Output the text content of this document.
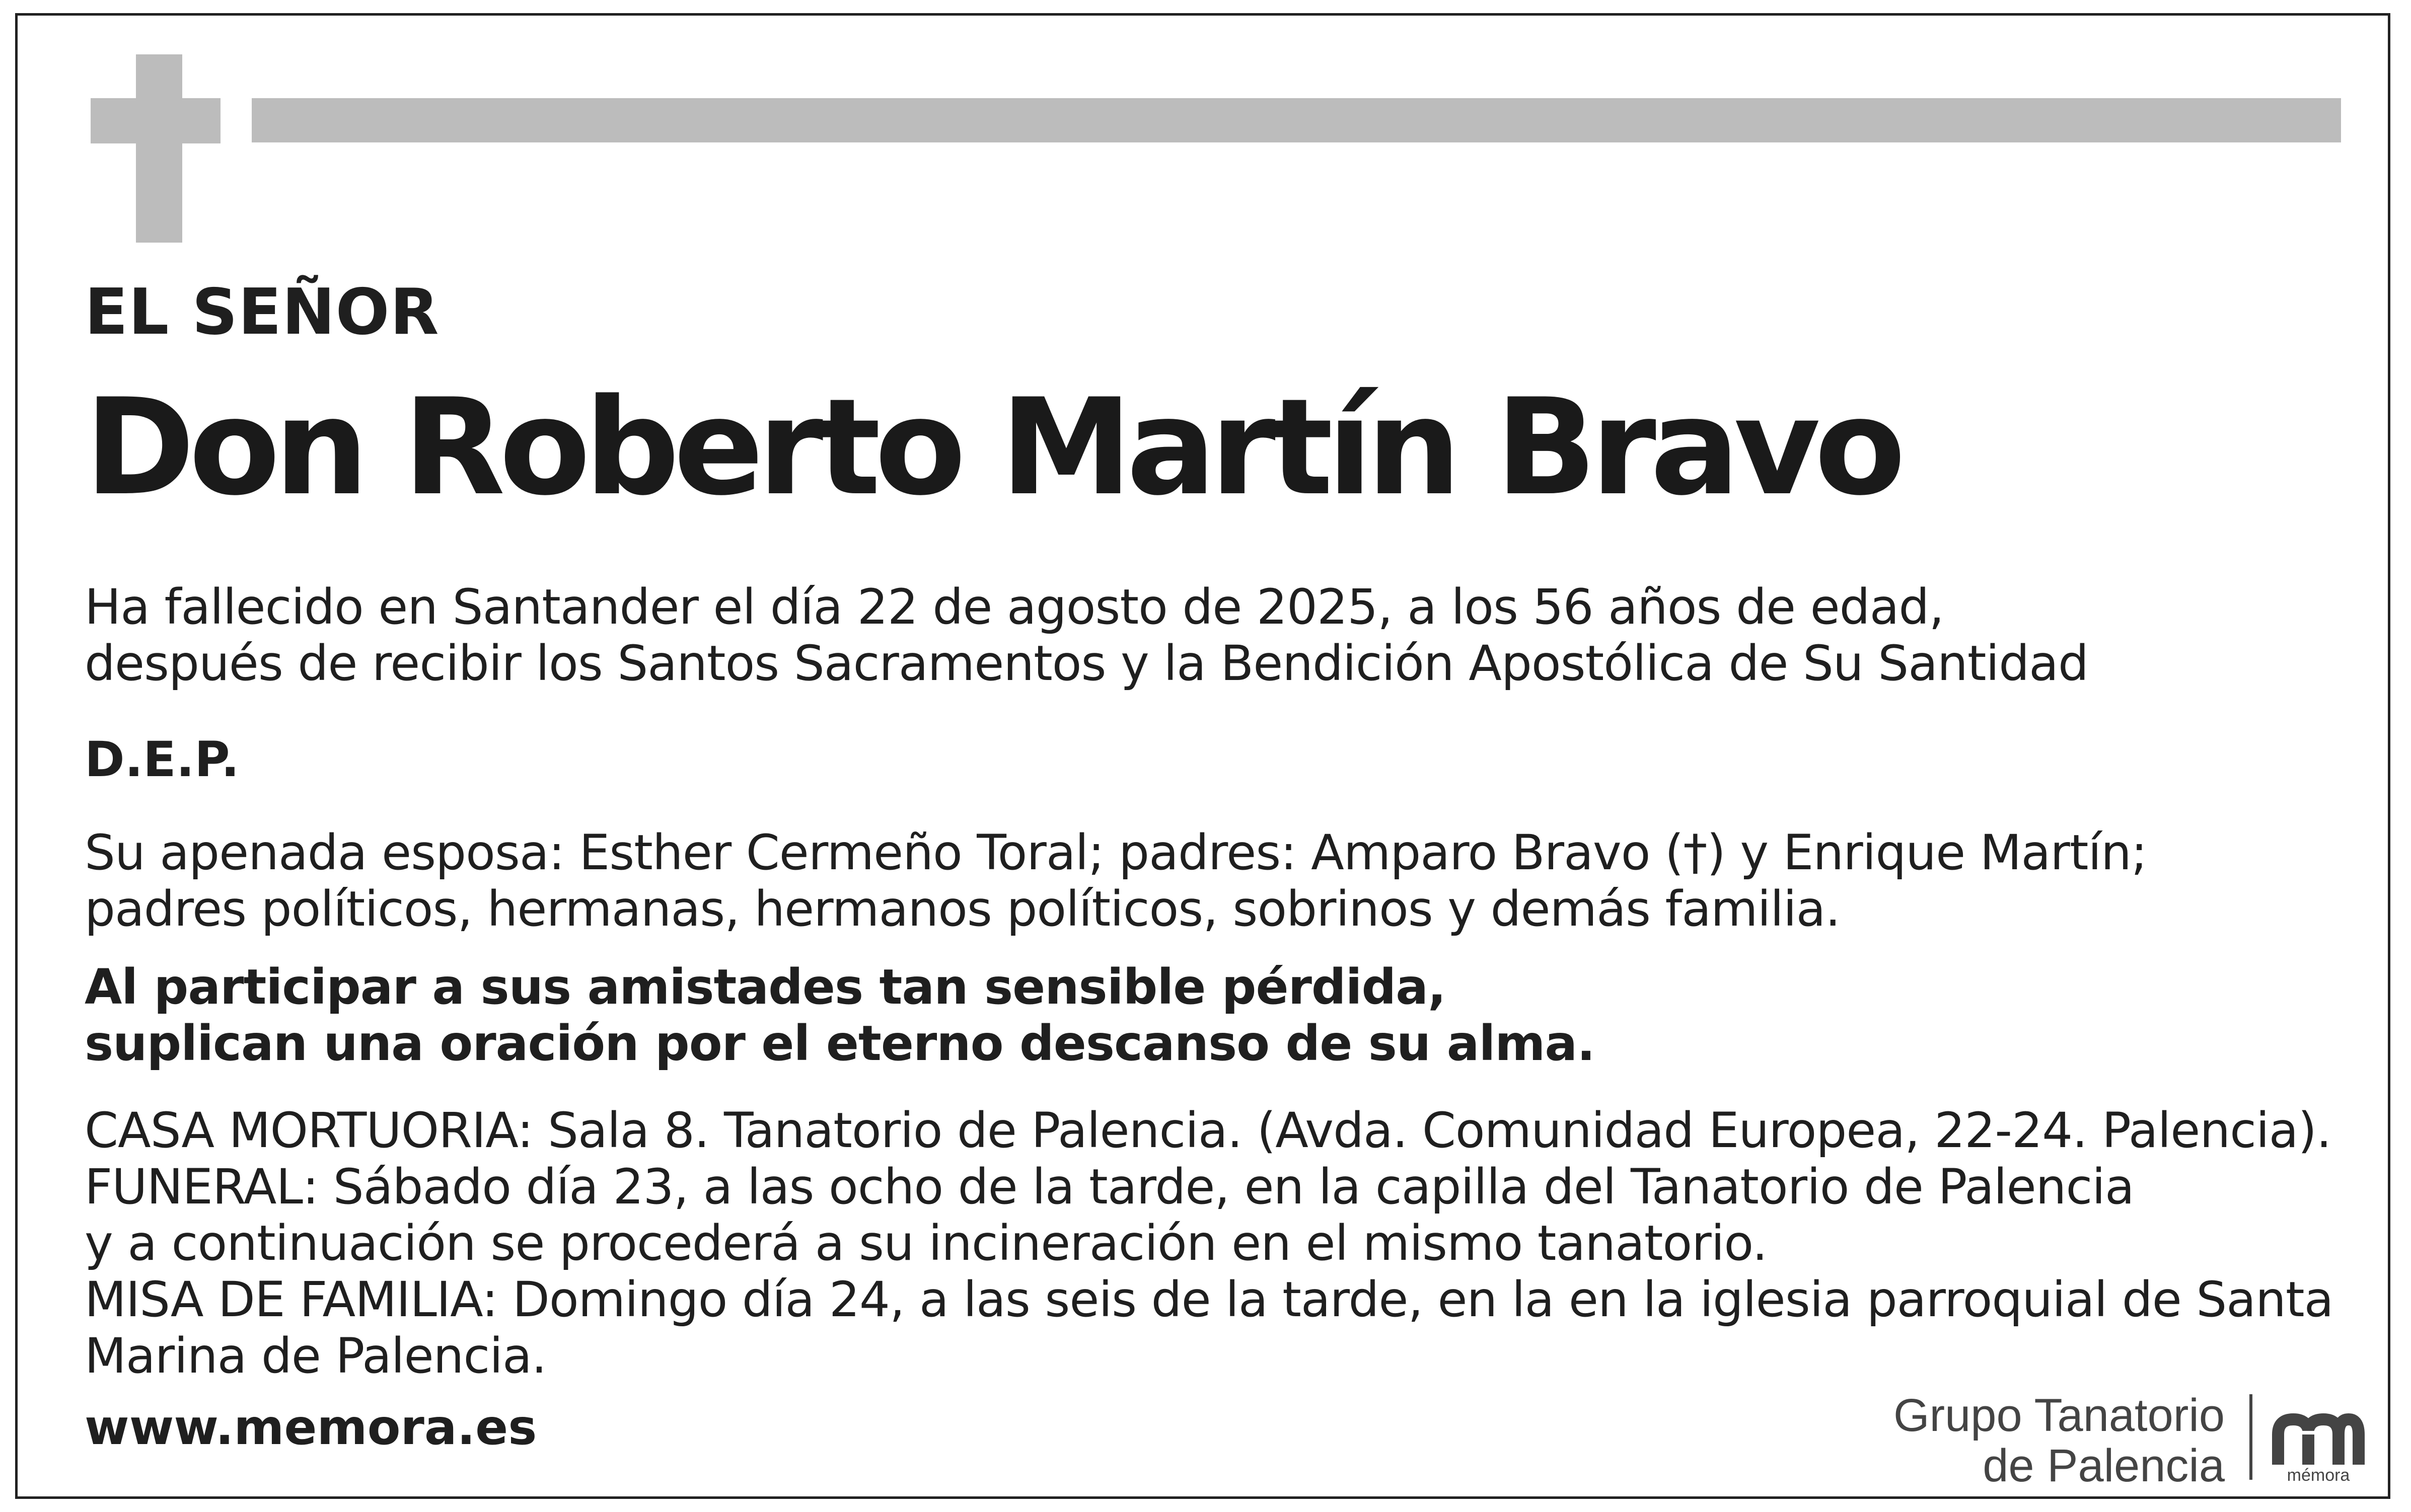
EL SEÑOR

Don Roberto Martín Bravo

Ha fallecido en Santander el día 22 de agosto de 2025, a los 56 años de edad,
después de recibir los Santos Sacramentos y la Bendición Apostólica de Su Santidad

D.E.P.

Su apenada esposa: Esther Cermeño Toral; padres: Amparo Bravo (†) y Enrique Martín;
padres políticos, hermanas, hermanos políticos, sobrinos y demás familia.

Al participar a sus amistades tan sensible pérdida,
suplican una oración por el eterno descanso de su alma.

CASA MORTUORIA: Sala 8. Tanatorio de Palencia. (Avda. Comunidad Europea, 22-24. Palencia).
FUNERAL: Sábado día 23, a las ocho de la tarde, en la capilla del Tanatorio de Palencia
y a continuación se procederá a su incineración en el mismo tanatorio.
MISA DE FAMILIA: Domingo día 24, a las seis de la tarde, en la en la iglesia parroquial de Santa
Marina de Palencia.

www.memora.es	Grupo Tanatorio
de Palencia	mémora
